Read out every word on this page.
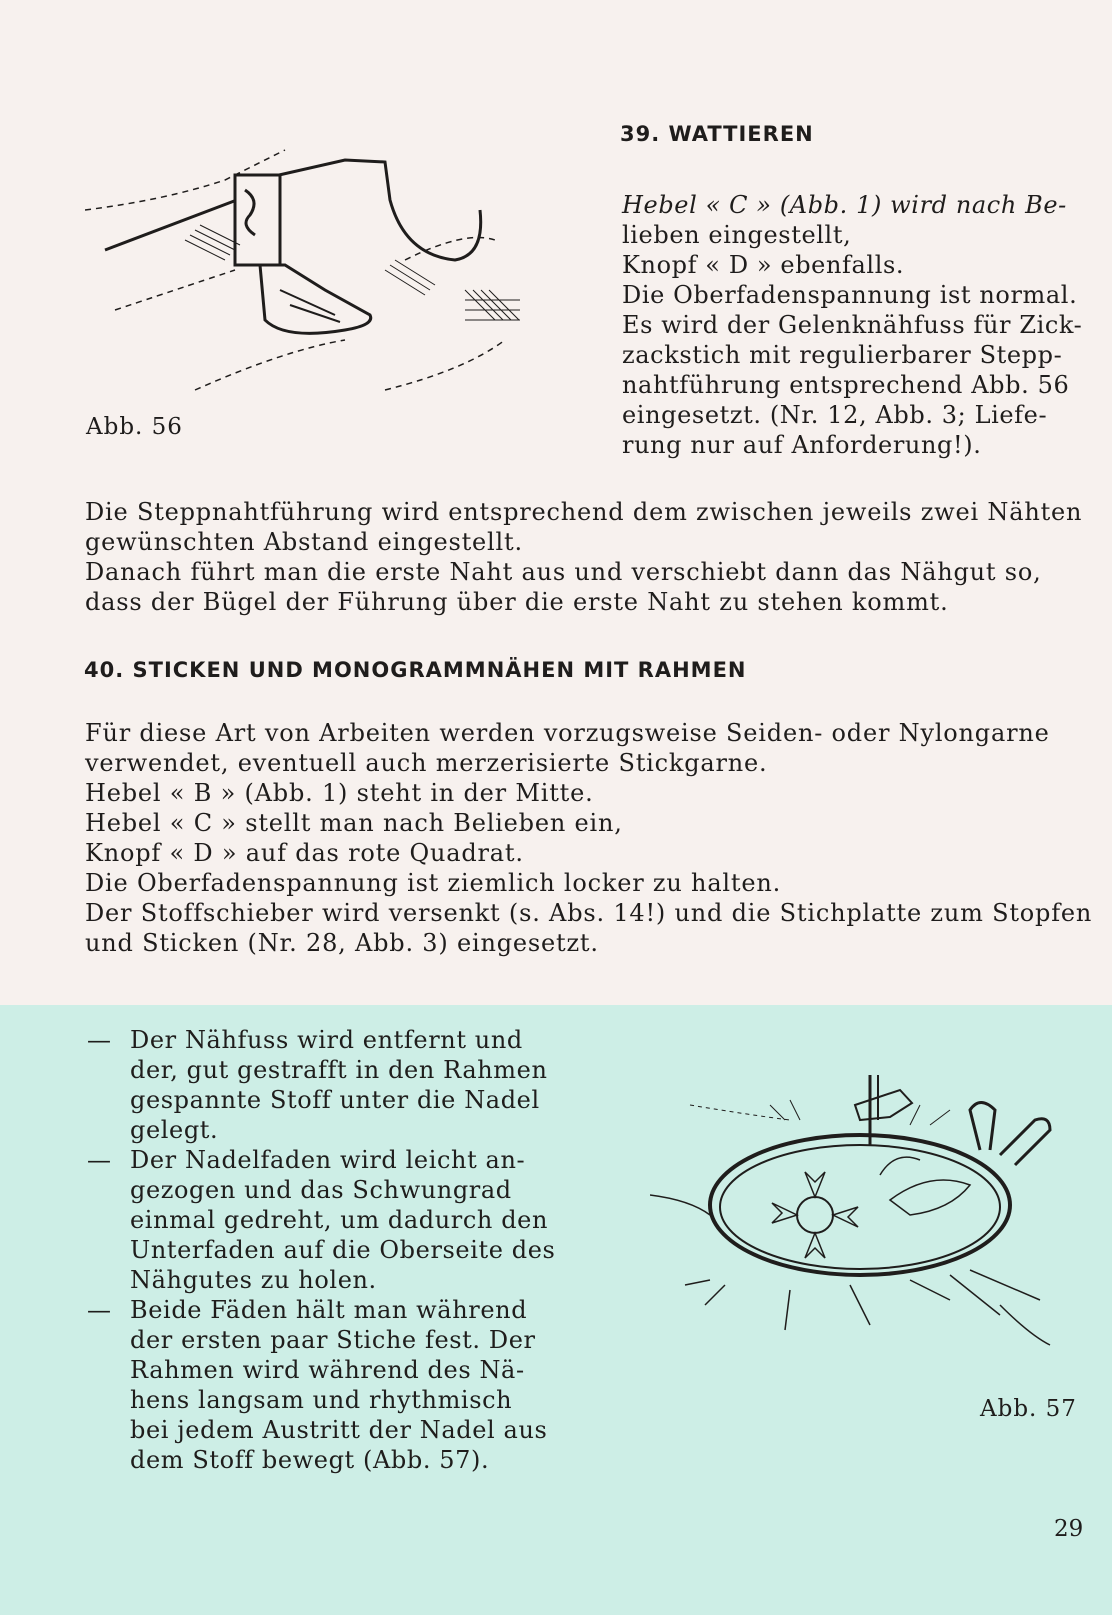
39. WATTIEREN
Abb. 56
Hebel « C » (Abb. 1) wird nach Be-
lieben eingestellt,
Knopf « D » ebenfalls.
Die Oberfadenspannung ist normal.
Es wird der Gelenknähfuss für Zick-
zackstich mit regulierbarer Stepp-
nahtführung entsprechend Abb. 56
eingesetzt. (Nr. 12, Abb. 3; Liefe-
rung nur auf Anforderung!).
Die Steppnahtführung wird entsprechend dem zwischen jeweils zwei Nähten
gewünschten Abstand eingestellt.
Danach führt man die erste Naht aus und verschiebt dann das Nähgut so,
dass der Bügel der Führung über die erste Naht zu stehen kommt.
40. STICKEN UND MONOGRAMMNÄHEN MIT RAHMEN
Für diese Art von Arbeiten werden vorzugsweise Seiden- oder Nylongarne
verwendet, eventuell auch merzerisierte Stickgarne.
Hebel « B » (Abb. 1) steht in der Mitte.
Hebel « C » stellt man nach Belieben ein,
Knopf « D » auf das rote Quadrat.
Die Oberfadenspannung ist ziemlich locker zu halten.
Der Stoffschieber wird versenkt (s. Abs. 14!) und die Stichplatte zum Stopfen
und Sticken (Nr. 28, Abb. 3) eingesetzt.
— Der Nähfuss wird entfernt und
der, gut gestrafft in den Rahmen
gespannte Stoff unter die Nadel
gelegt.
— Der Nadelfaden wird leicht an-
gezogen und das Schwungrad
einmal gedreht, um dadurch den
Unterfaden auf die Oberseite des
Nähgutes zu holen.
— Beide Fäden hält man während
der ersten paar Stiche fest. Der
Rahmen wird während des Nä-
hens langsam und rhythmisch
bei jedem Austritt der Nadel aus
dem Stoff bewegt (Abb. 57).
Abb. 57
29
